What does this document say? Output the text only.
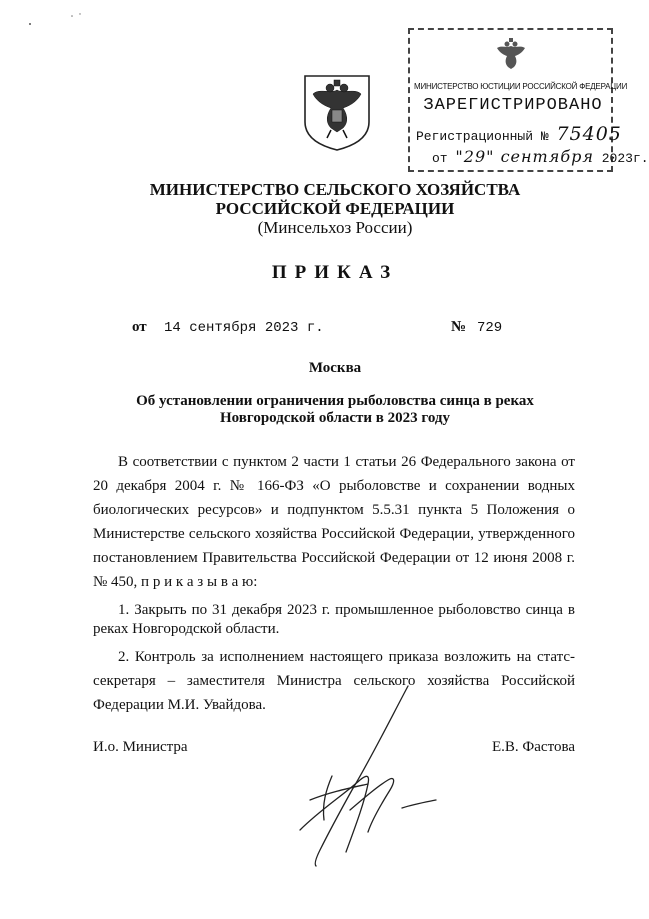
МИНИСТЕРСТВО ЮСТИЦИИ РОССИЙСКОЙ ФЕДЕРАЦИИ
ЗАРЕГИСТРИРОВАНО
Регистрационный № 75405
от "29" сентября 2023г.
МИНИСТЕРСТВО СЕЛЬСКОГО ХОЗЯЙСТВА
РОССИЙСКОЙ ФЕДЕРАЦИИ
(Минсельхоз России)
ПРИКАЗ
от 14 сентября 2023 г.	№ 729
Москва
Об установлении ограничения рыболовства синца в реках
Новгородской области в 2023 году

В соответствии с пунктом 2 части 1 статьи 26 Федерального закона от 20 декабря 2004 г. № 166-ФЗ «О рыболовстве и сохранении водных биологических ресурсов» и подпунктом 5.5.31 пункта 5 Положения о Министерстве сельского хозяйства Российской Федерации, утвержденного постановлением Правительства Российской Федерации от 12 июня 2008 г. № 450, п р и к а з ы в а ю:

1. Закрыть по 31 декабря 2023 г. промышленное рыболовство синца в реках Новгородской области.

2. Контроль за исполнением настоящего приказа возложить на статс-секретаря – заместителя Министра сельского хозяйства Российской Федерации М.И. Увайдова.

И.о. Министра	Е.В. Фастова
